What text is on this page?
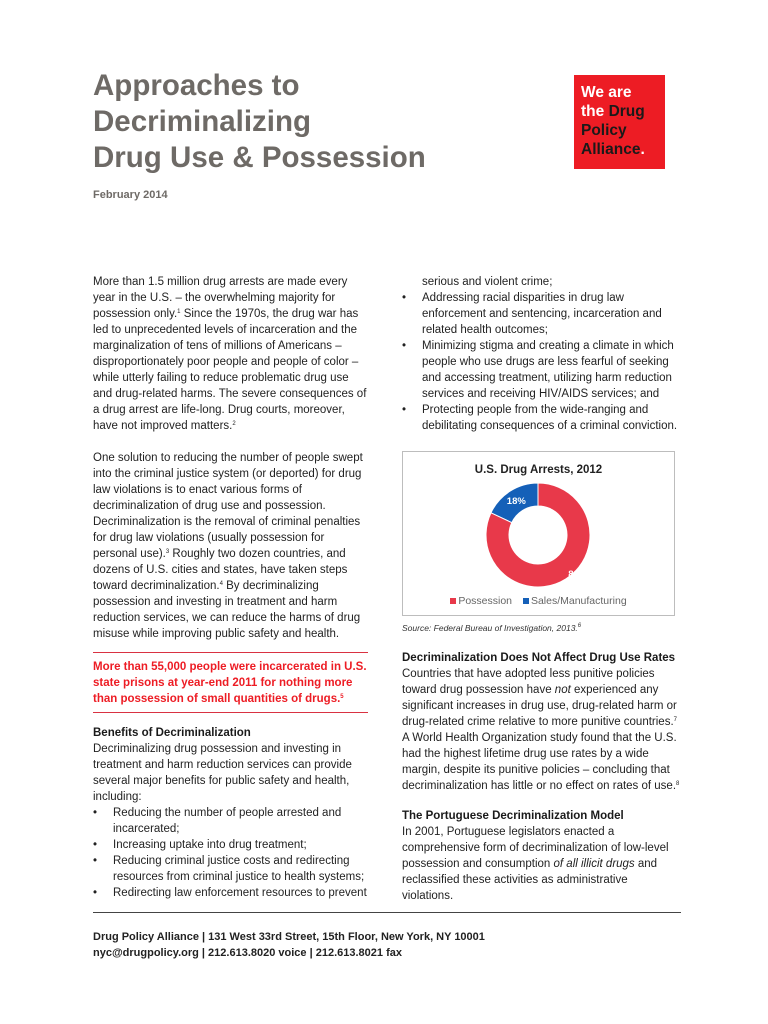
Approaches to
Decriminalizing
Drug Use & Possession
February 2014
We are
the Drug
Policy
Alliance.

More than 1.5 million drug arrests are made every year in the U.S. – the overwhelming majority for possession only.$^1$ Since the 1970s, the drug war has led to unprecedented levels of incarceration and the marginalization of tens of millions of Americans – disproportionately poor people and people of color – while utterly failing to reduce problematic drug use and drug-related harms. The severe consequences of a drug arrest are life-long. Drug courts, moreover, have not improved matters.$^2$

One solution to reducing the number of people swept into the criminal justice system (or deported) for drug law violations is to enact various forms of decriminalization of drug use and possession. Decriminalization is the removal of criminal penalties for drug law violations (usually possession for personal use).$^3$ Roughly two dozen countries, and dozens of U.S. cities and states, have taken steps toward decriminalization.$^4$ By decriminalizing possession and investing in treatment and harm reduction services, we can reduce the harms of drug misuse while improving public safety and health.

More than 55,000 people were incarcerated in U.S. state prisons at year-end 2011 for nothing more than possession of small quantities of drugs.$^5$
Benefits of Decriminalization

Decriminalizing drug possession and investing in treatment and harm reduction services can provide several major benefits for public safety and health, including:

• Reducing the number of people arrested and incarcerated;
• Increasing uptake into drug treatment;
• Reducing criminal justice costs and redirecting resources from criminal justice to health systems;
• Redirecting law enforcement resources to prevent
serious and violent crime;
• Addressing racial disparities in drug law enforcement and sentencing, incarceration and related health outcomes;
• Minimizing stigma and creating a climate in which people who use drugs are less fearful of seeking and accessing treatment, utilizing harm reduction services and receiving HIV/AIDS services; and
• Protecting people from the wide-ranging and debilitating consequences of a criminal conviction.
U.S. Drug Arrests, 2012
18%
82%
Possession Sales/Manufacturing
Source: Federal Bureau of Investigation, 2013.$^6$
Decriminalization Does Not Affect Drug Use Rates

Countries that have adopted less punitive policies toward drug possession have not experienced any significant increases in drug use, drug-related harm or drug-related crime relative to more punitive countries.$^7$ A World Health Organization study found that the U.S. had the highest lifetime drug use rates by a wide margin, despite its punitive policies – concluding that decriminalization has little or no effect on rates of use.$^8$

The Portuguese Decriminalization Model

In 2001, Portuguese legislators enacted a comprehensive form of decriminalization of low-level possession and consumption of all illicit drugs and reclassified these activities as administrative violations.

Drug Policy Alliance | 131 West 33rd Street, 15th Floor, New York, NY 10001
nyc@drugpolicy.org | 212.613.8020 voice | 212.613.8021 fax
